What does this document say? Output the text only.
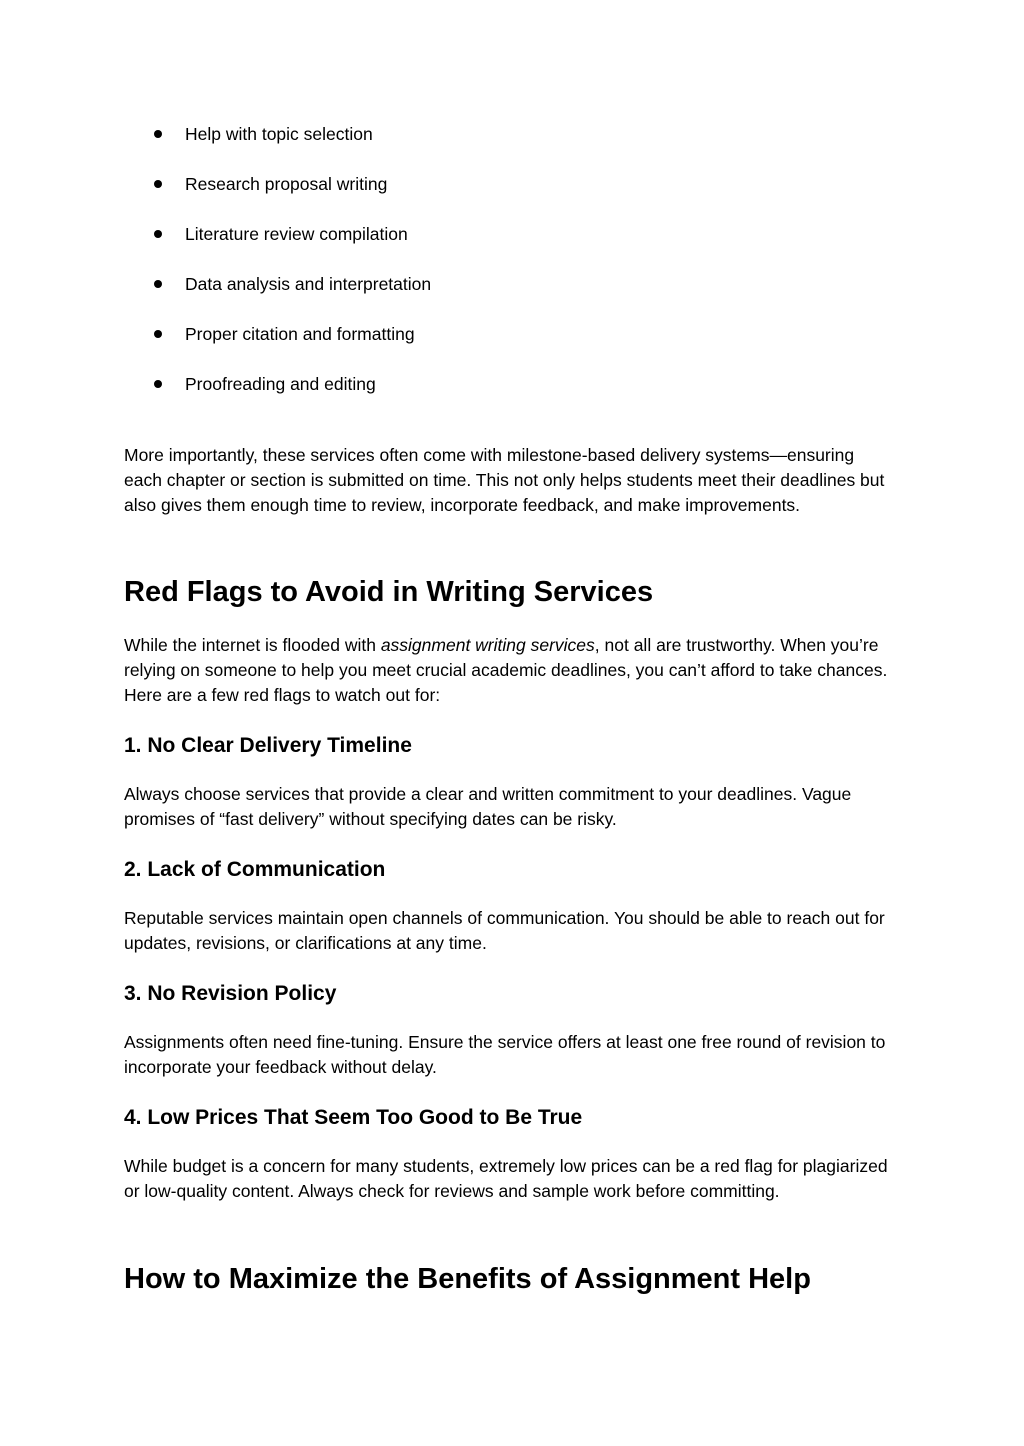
Help with topic selection
Research proposal writing
Literature review compilation
Data analysis and interpretation
Proper citation and formatting
Proofreading and editing

More importantly, these services often come with milestone-based delivery systems—ensuring each chapter or section is submitted on time. This not only helps students meet their deadlines but also gives them enough time to review, incorporate feedback, and make improvements.

Red Flags to Avoid in Writing Services

While the internet is flooded with assignment writing services, not all are trustworthy. When you’re relying on someone to help you meet crucial academic deadlines, you can’t afford to take chances. Here are a few red flags to watch out for:

1. No Clear Delivery Timeline

Always choose services that provide a clear and written commitment to your deadlines. Vague promises of “fast delivery” without specifying dates can be risky.

2. Lack of Communication

Reputable services maintain open channels of communication. You should be able to reach out for updates, revisions, or clarifications at any time.

3. No Revision Policy

Assignments often need fine-tuning. Ensure the service offers at least one free round of revision to incorporate your feedback without delay.

4. Low Prices That Seem Too Good to Be True

While budget is a concern for many students, extremely low prices can be a red flag for plagiarized or low-quality content. Always check for reviews and sample work before committing.

How to Maximize the Benefits of Assignment Help
